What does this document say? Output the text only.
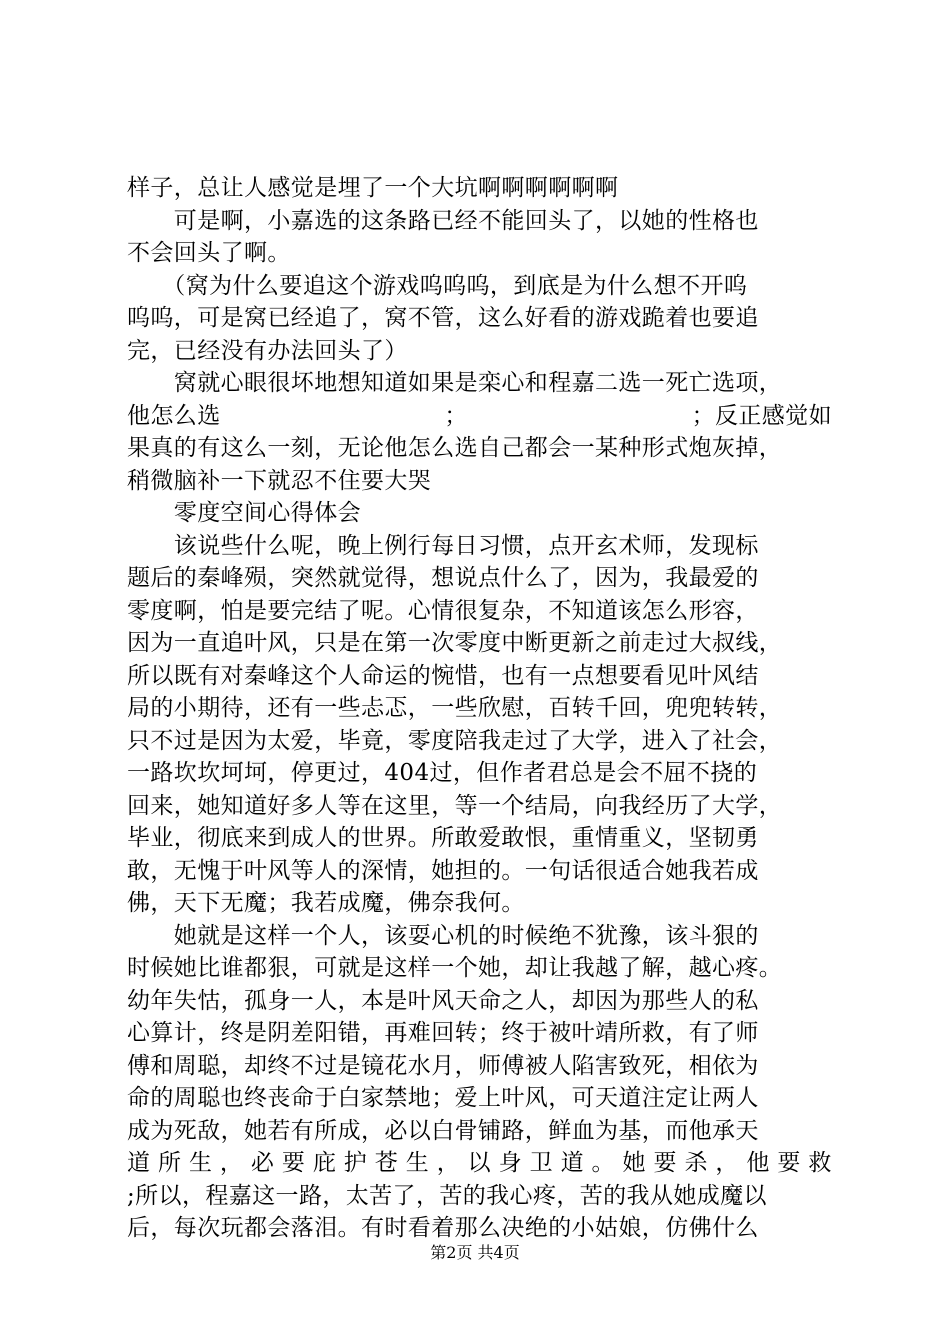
样子，总让人感觉是埋了一个大坑啊啊啊啊啊啊
　　可是啊，小嘉选的这条路已经不能回头了，以她的性格也
不会回头了啊。
　　（窝为什么要追这个游戏呜呜呜，到底是为什么想不开呜
呜呜，可是窝已经追了，窝不管，这么好看的游戏跪着也要追
完，已经没有办法回头了）
　　窝就心眼很坏地想知道如果是栾心和程嘉二选一死亡选项，
他怎么选	；	；反正感觉如
果真的有这么一刻，无论他怎么选自己都会一某种形式炮灰掉，
稍微脑补一下就忍不住要大哭
　　零度空间心得体会
　　该说些什么呢，晚上例行每日习惯，点开玄术师，发现标
题后的秦峰殒，突然就觉得，想说点什么了，因为，我最爱的
零度啊，怕是要完结了呢。心情很复杂，不知道该怎么形容，
因为一直追叶风，只是在第一次零度中断更新之前走过大叔线，
所以既有对秦峰这个人命运的惋惜，也有一点想要看见叶风结
局的小期待，还有一些忐忑，一些欣慰，百转千回，兜兜转转，
只不过是因为太爱，毕竟，零度陪我走过了大学，进入了社会，
一路坎坎坷坷，停更过，404过，但作者君总是会不屈不挠的
回来，她知道好多人等在这里，等一个结局，向我经历了大学，
毕业，彻底来到成人的世界。所敢爱敢恨，重情重义，坚韧勇
敢，无愧于叶风等人的深情，她担的。一句话很适合她我若成
佛，天下无魔；我若成魔，佛奈我何。
　　她就是这样一个人，该耍心机的时候绝不犹豫，该斗狠的
时候她比谁都狠，可就是这样一个她，却让我越了解，越心疼。
幼年失怙，孤身一人，本是叶风天命之人，却因为那些人的私
心算计，终是阴差阳错，再难回转；终于被叶靖所救，有了师
傅和周聪，却终不过是镜花水月，师傅被人陷害致死，相依为
命的周聪也终丧命于白家禁地；爱上叶风，可天道注定让两人
成为死敌，她若有所成，必以白骨铺路，鲜血为基，而他承天
道 所 生 ， 必 要 庇 护 苍 生 ， 以 身 卫 道 。 她 要 杀 ， 他 要 救
;所以，程嘉这一路，太苦了，苦的我心疼，苦的我从她成魔以
后，每次玩都会落泪。有时看着那么决绝的小姑娘，仿佛什么
第2页 共4页
